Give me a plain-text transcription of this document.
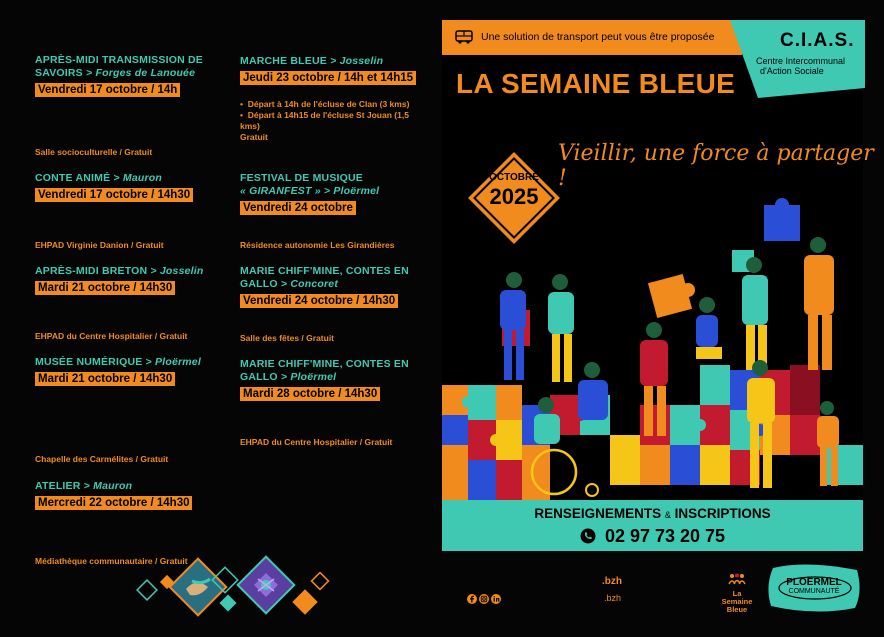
APRÈS-MIDI TRANSMISSION DE SAVOIRS > Forges de Lanouée
Vendredi 17 octobre / 14h
Salle socioculturelle / Gratuit
CONTE ANIMÉ > Mauron
Vendredi 17 octobre / 14h30
EHPAD Virginie Danion / Gratuit
APRÈS-MIDI BRETON > Josselin
Mardi 21 octobre / 14h30
EHPAD du Centre Hospitalier / Gratuit
MUSÉE NUMÉRIQUE > Ploërmel
Mardi 21 octobre / 14h30
Chapelle des Carmélites / Gratuit
ATELIER > Mauron
Mercredi 22 octobre / 14h30
Médiathèque communautaire / Gratuit
MARCHE BLEUE > Josselin
Jeudi 23 octobre / 14h et 14h15
•  Départ à 14h de l'écluse de Clan (3 kms)
•  Départ à 14h15 de l'écluse St Jouan (1,5 kms)
Gratuit
FESTIVAL DE MUSIQUE
« GIRANFEST » > Ploërmel
Vendredi 24 octobre
Résidence autonomie Les Girandières
MARIE CHIFF'MINE, CONTES EN GALLO > Concoret
Vendredi 24 octobre / 14h30
Salle des fêtes / Gratuit
MARIE CHIFF'MINE, CONTES EN GALLO > Ploërmel
Mardi 28 octobre / 14h30
EHPAD du Centre Hospitalier / Gratuit
Une solution de transport peut vous être proposée	C.I.A.S.
Centre Intercommunal
d'Action Sociale
LA SEMAINE BLEUE
Vieillir, une force à partager !
OCTOBRE
2025
RENSEIGNEMENTS & INSCRIPTIONS
02 97 73 20 75
.bzh
.bzh	La
Semaine
Bleue
PLOËRMEL
COMMUNAUTÉ
